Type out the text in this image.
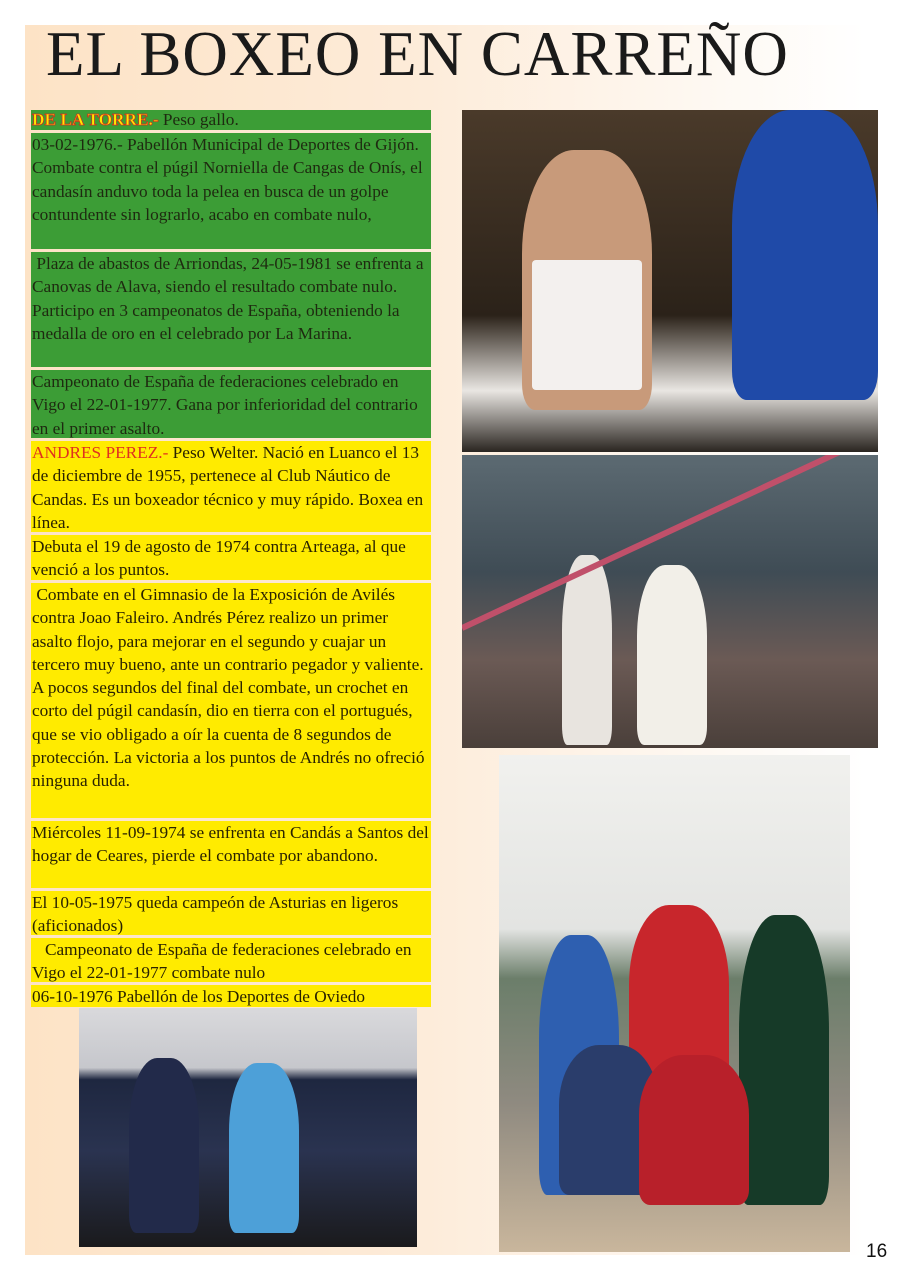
EL BOXEO EN CARREÑO
DE LA TORRE.- Peso gallo.
03-02-1976.- Pabellón Municipal de Deportes de Gijón. Combate contra el púgil Norniella de Cangas de Onís, el candasín anduvo toda la pelea en busca de un golpe contundente sin lograrlo, acabo en combate nulo,
Plaza de abastos de Arriondas, 24-05-1981 se enfrenta a Canovas de Alava, siendo el resultado combate nulo. Participo en 3 campeonatos de España, obteniendo la medalla de oro en el celebrado por La Marina.
Campeonato de España de federaciones celebrado en Vigo el 22-01-1977. Gana por inferioridad del contrario en el primer asalto.
ANDRES PEREZ.- Peso Welter. Nació en Luanco el 13 de diciembre de 1955, pertenece al Club Náutico de Candas. Es un boxeador técnico y muy rápido. Boxea en línea.
Debuta el 19 de agosto de 1974 contra Arteaga, al que venció a los puntos.
Combate en el Gimnasio de la Exposición de Avilés contra Joao Faleiro. Andrés Pérez realizo un primer asalto flojo, para mejorar en el segundo y cuajar un tercero muy bueno, ante un contrario pegador y valiente. A pocos segundos del final del combate, un crochet en corto del púgil candasín, dio en tierra con el portugués, que se vio obligado a oír la cuenta de 8 segundos de protección. La victoria a los puntos de Andrés no ofreció ninguna duda.
Miércoles 11-09-1974 se enfrenta en Candás a Santos del hogar de Ceares, pierde el combate por abandono.
El 10-05-1975 queda campeón de Asturias en ligeros (aficionados)
Campeonato de España de federaciones celebrado en Vigo el 22-01-1977 combate nulo
06-10-1976 Pabellón de los Deportes de Oviedo
16
